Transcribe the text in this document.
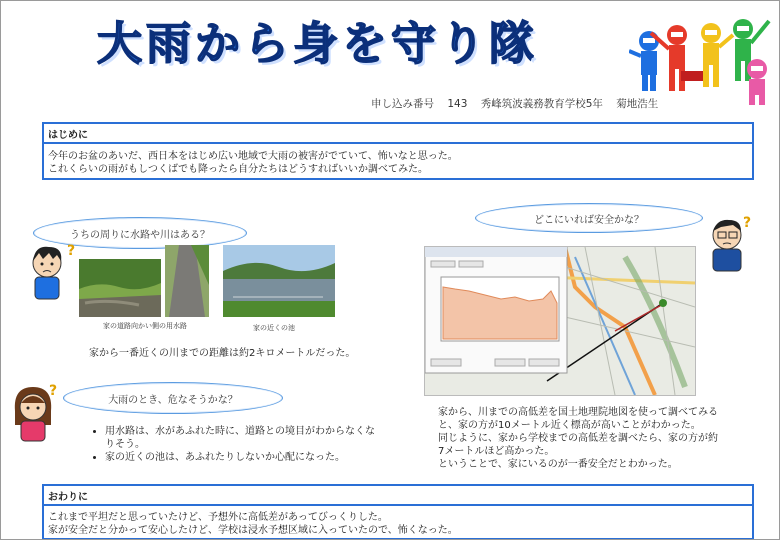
大雨から身を守り隊
申し込み番号 143 秀峰筑波義務教育学校5年 菊地浩生
はじめに
今年のお盆のあいだ、西日本をはじめ広い地域で大雨の被害がでていて、怖いなと思った。
これくらいの雨がもしつくばでも降ったら自分たちはどうすればいいか調べてみた。
うちの周りに水路や川はある？
?
家の道路向かい側の用水路	家の近くの池
家から一番近くの川までの距離は約2キロメートルだった。
?
大雨のとき、危なそうかな？
• 用水路は、水があふれた時に、道路との境目がわからなくなりそう。
• 家の近くの池は、あふれたりしないか心配になった。
どこにいれば安全かな？	?
家から、川までの高低差を国土地理院地図を使って調べてみると、家の方が10メートル近く標高が高いことがわかった。
同じように、家から学校までの高低差を調べたら、家の方が約7メートルほど高かった。
ということで、家にいるのが一番安全だとわかった。
おわりに
これまで平坦だと思っていたけど、予想外に高低差があってびっくりした。
家が安全だと分かって安心したけど、学校は浸水予想区域に入っていたので、怖くなった。
